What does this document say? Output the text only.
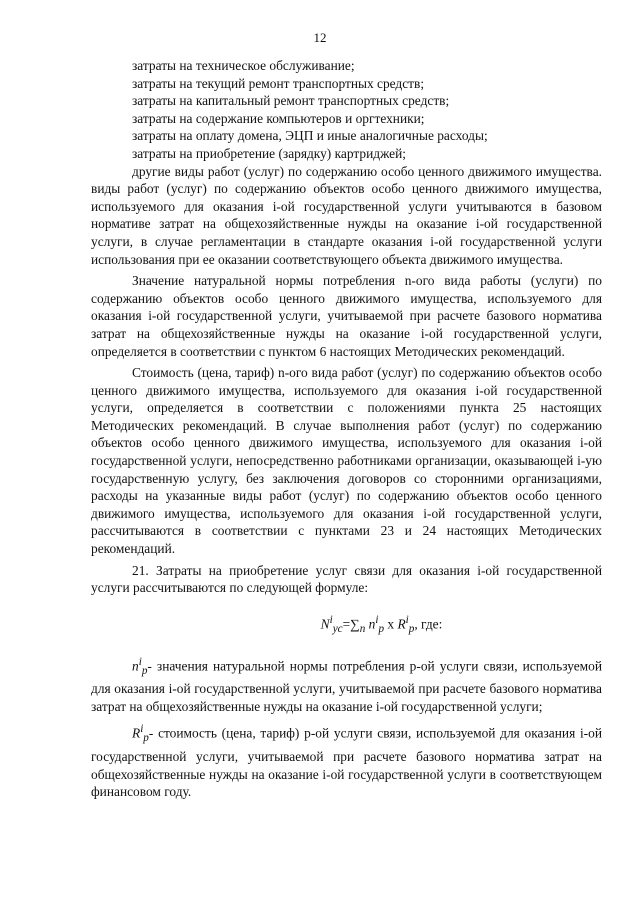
12

затраты на техническое обслуживание;

затраты на текущий ремонт транспортных средств;

затраты на капитальный ремонт транспортных средств;

затраты на содержание компьютеров и оргтехники;

затраты на оплату домена, ЭЦП и иные аналогичные расходы;

затраты на приобретение (зарядку) картриджей;

другие виды работ (услуг) по содержанию особо ценного движимого имущества. виды работ (услуг) по содержанию объектов особо ценного движимого имущества, используемого для оказания i-ой государственной услуги учитываются в базовом нормативе затрат на общехозяйственные нужды на оказание i-ой государственной услуги, в случае регламентации в стандарте оказания i-ой государственной услуги использования при ее оказании соответствующего объекта движимого имущества.

Значение натуральной нормы потребления n-ого вида работы (услуги) по содержанию объектов особо ценного движимого имущества, используемого для оказания i-ой государственной услуги, учитываемой при расчете базового норматива затрат на общехозяйственные нужды на оказание i-ой государственной услуги, определяется в соответствии с пунктом 6 настоящих Методических рекомендаций.

Стоимость (цена, тариф) n-ого вида работ (услуг) по содержанию объектов особо ценного движимого имущества, используемого для оказания i-ой государственной услуги, определяется в соответствии с положениями пункта 25 настоящих Методических рекомендаций. В случае выполнения работ (услуг) по содержанию объектов особо ценного движимого имущества, используемого для оказания i-ой государственной услуги, непосредственно работниками организации, оказывающей i-ую государственную услугу, без заключения договоров со сторонними организациями, расходы на указанные виды работ (услуг) по содержанию объектов особо ценного движимого имущества, используемого для оказания i-ой государственной услуги, рассчитываются в соответствии с пунктами 23 и 24 настоящих Методических рекомендаций.

21. Затраты на приобретение услуг связи для оказания i-ой государственной услуги рассчитываются по следующей формуле:

$N^i_{ус}=\sum_n$ $n^i_p$ x $R^i_p$, где:

$n^i_p-$ значения натуральной нормы потребления р-ой услуги связи, используемой для оказания i-ой государственной услуги, учитываемой при расчете базового норматива затрат на общехозяйственные нужды на оказание i-ой государственной услуги;

$R^i_p-$ стоимость (цена, тариф) р-ой услуги связи, используемой для оказания i-ой государственной услуги, учитываемой при расчете базового норматива затрат на общехозяйственные нужды на оказание i-ой государственной услуги в соответствующем финансовом году.
